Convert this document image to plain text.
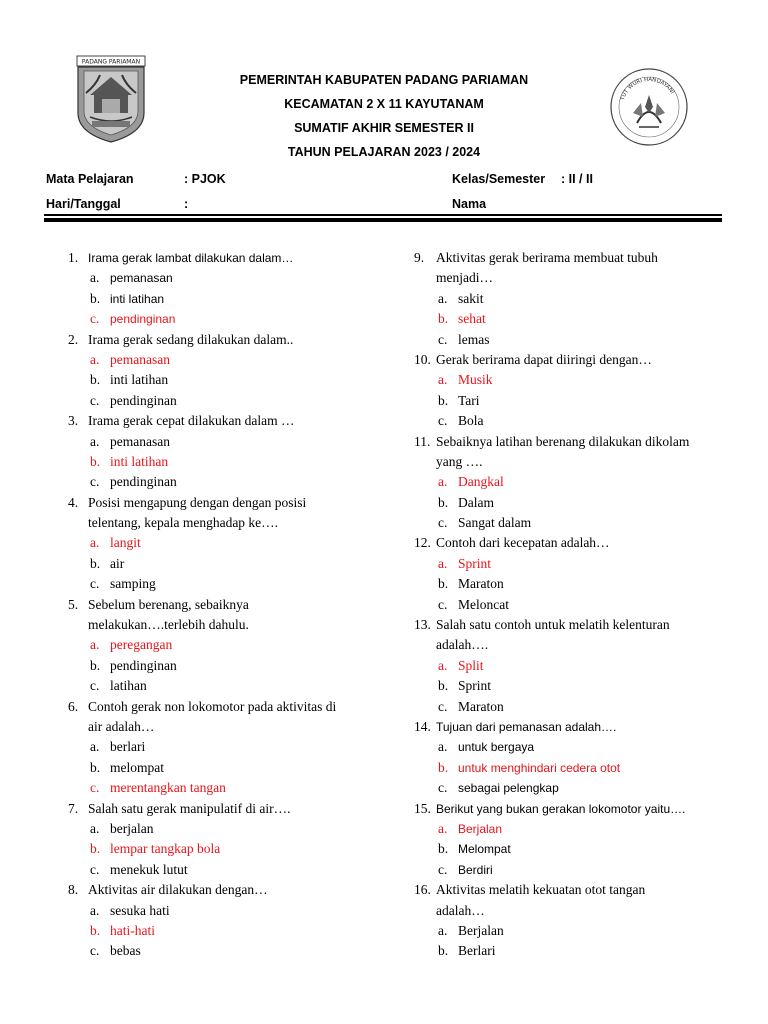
PADANG PARIAMAN
TUT WURI HANDAYANI
PEMERINTAH KABUPATEN PADANG PARIAMAN
KECAMATAN 2 X 11 KAYUTANAM
SUMATIF AKHIR SEMESTER II
TAHUN PELAJARAN 2023 / 2024
Mata Pelajaran	: PJOK	Kelas/Semester : II / II
Hari/Tanggal	:	Nama
1. Irama gerak lambat dilakukan dalam…
a. pemanasan
b. inti latihan
c. pendinginan
2. Irama gerak sedang dilakukan dalam..
a. pemanasan
b. inti latihan
c. pendinginan
3. Irama gerak cepat dilakukan dalam …
a. pemanasan
b. inti latihan
c. pendinginan
4. Posisi mengapung dengan dengan posisi
telentang, kepala menghadap ke….
a. langit
b. air
c. samping
5. Sebelum berenang, sebaiknya
melakukan….terlebih dahulu.
a. peregangan
b. pendinginan
c. latihan
6. Contoh gerak non lokomotor pada aktivitas di
air adalah…
a. berlari
b. melompat
c. merentangkan tangan
7. Salah satu gerak manipulatif di air….
a. berjalan
b. lempar tangkap bola
c. menekuk lutut
8. Aktivitas air dilakukan dengan…
a. sesuka hati
b. hati-hati
c. bebas
9. Aktivitas gerak berirama membuat tubuh
menjadi…
a. sakit
b. sehat
c. lemas
10. Gerak berirama dapat diiringi dengan…
a. Musik
b. Tari
c. Bola
11. Sebaiknya latihan berenang dilakukan dikolam
yang ….
a. Dangkal
b. Dalam
c. Sangat dalam
12. Contoh dari kecepatan adalah…
a. Sprint
b. Maraton
c. Meloncat
13. Salah satu contoh untuk melatih kelenturan
adalah….
a. Split
b. Sprint
c. Maraton
14. Tujuan dari pemanasan adalah….
a. untuk bergaya
b. untuk menghindari cedera otot
c. sebagai pelengkap
15. Berikut yang bukan gerakan lokomotor yaitu….
a. Berjalan
b. Melompat
c. Berdiri
16. Aktivitas melatih kekuatan otot tangan
adalah…
a. Berjalan
b. Berlari
